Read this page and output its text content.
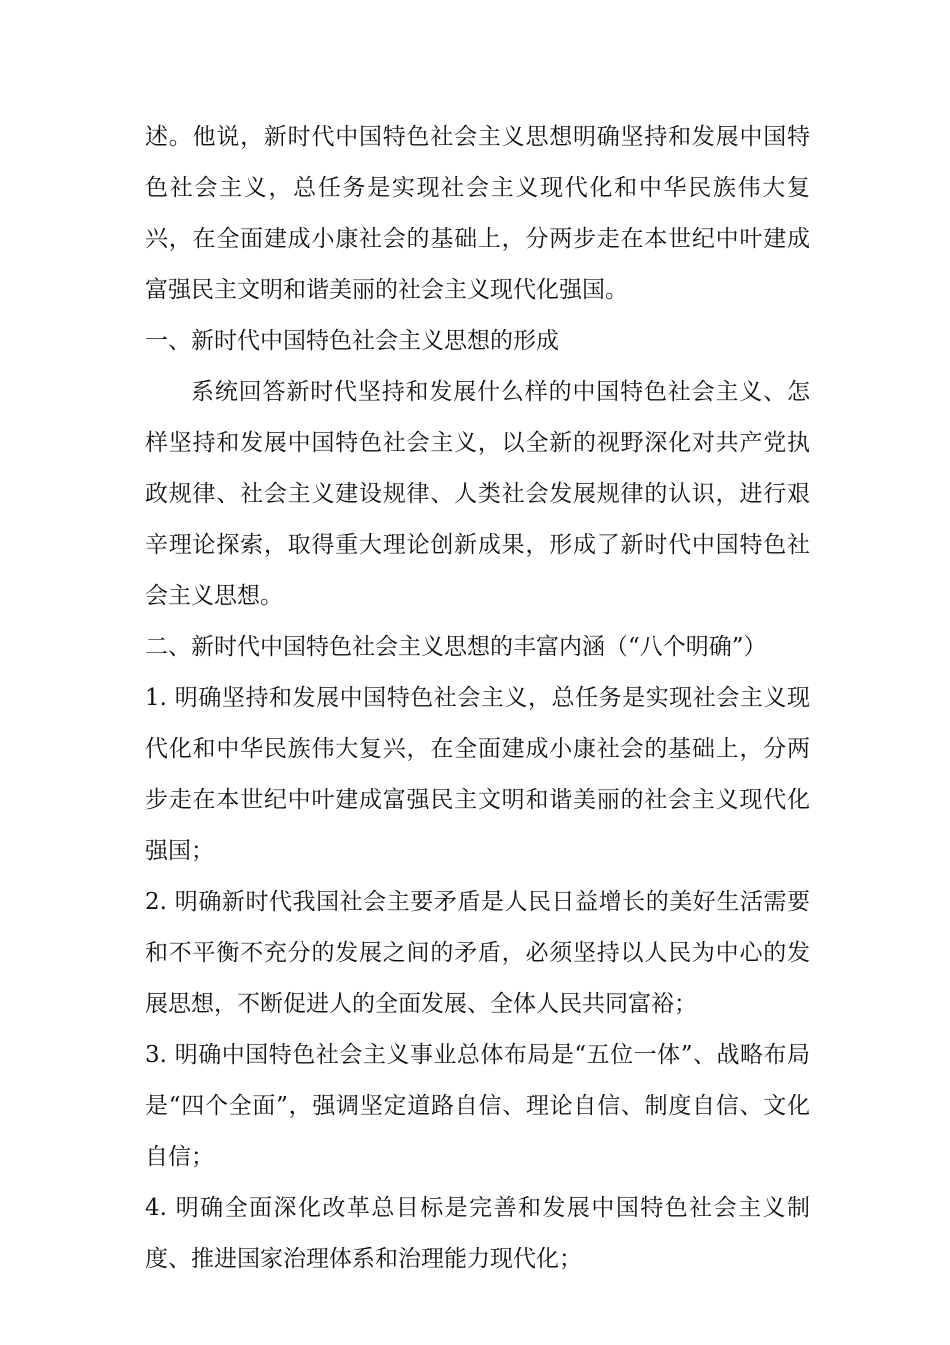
述。他说，新时代中国特色社会主义思想明确坚持和发展中国特色社会主义，总任务是实现社会主义现代化和中华民族伟大复兴，在全面建成小康社会的基础上，分两步走在本世纪中叶建成富强民主文明和谐美丽的社会主义现代化强国。

一、新时代中国特色社会主义思想的形成

系统回答新时代坚持和发展什么样的中国特色社会主义、怎样坚持和发展中国特色社会主义，以全新的视野深化对共产党执政规律、社会主义建设规律、人类社会发展规律的认识，进行艰辛理论探索，取得重大理论创新成果，形成了新时代中国特色社会主义思想。

二、新时代中国特色社会主义思想的丰富内涵（“八个明确”）

1. 明确坚持和发展中国特色社会主义，总任务是实现社会主义现代化和中华民族伟大复兴，在全面建成小康社会的基础上，分两步走在本世纪中叶建成富强民主文明和谐美丽的社会主义现代化强国；

2. 明确新时代我国社会主要矛盾是人民日益增长的美好生活需要和不平衡不充分的发展之间的矛盾，必须坚持以人民为中心的发展思想，不断促进人的全面发展、全体人民共同富裕；

3. 明确中国特色社会主义事业总体布局是“五位一体”、战略布局是“四个全面”，强调坚定道路自信、理论自信、制度自信、文化自信；

4. 明确全面深化改革总目标是完善和发展中国特色社会主义制度、推进国家治理体系和治理能力现代化；
